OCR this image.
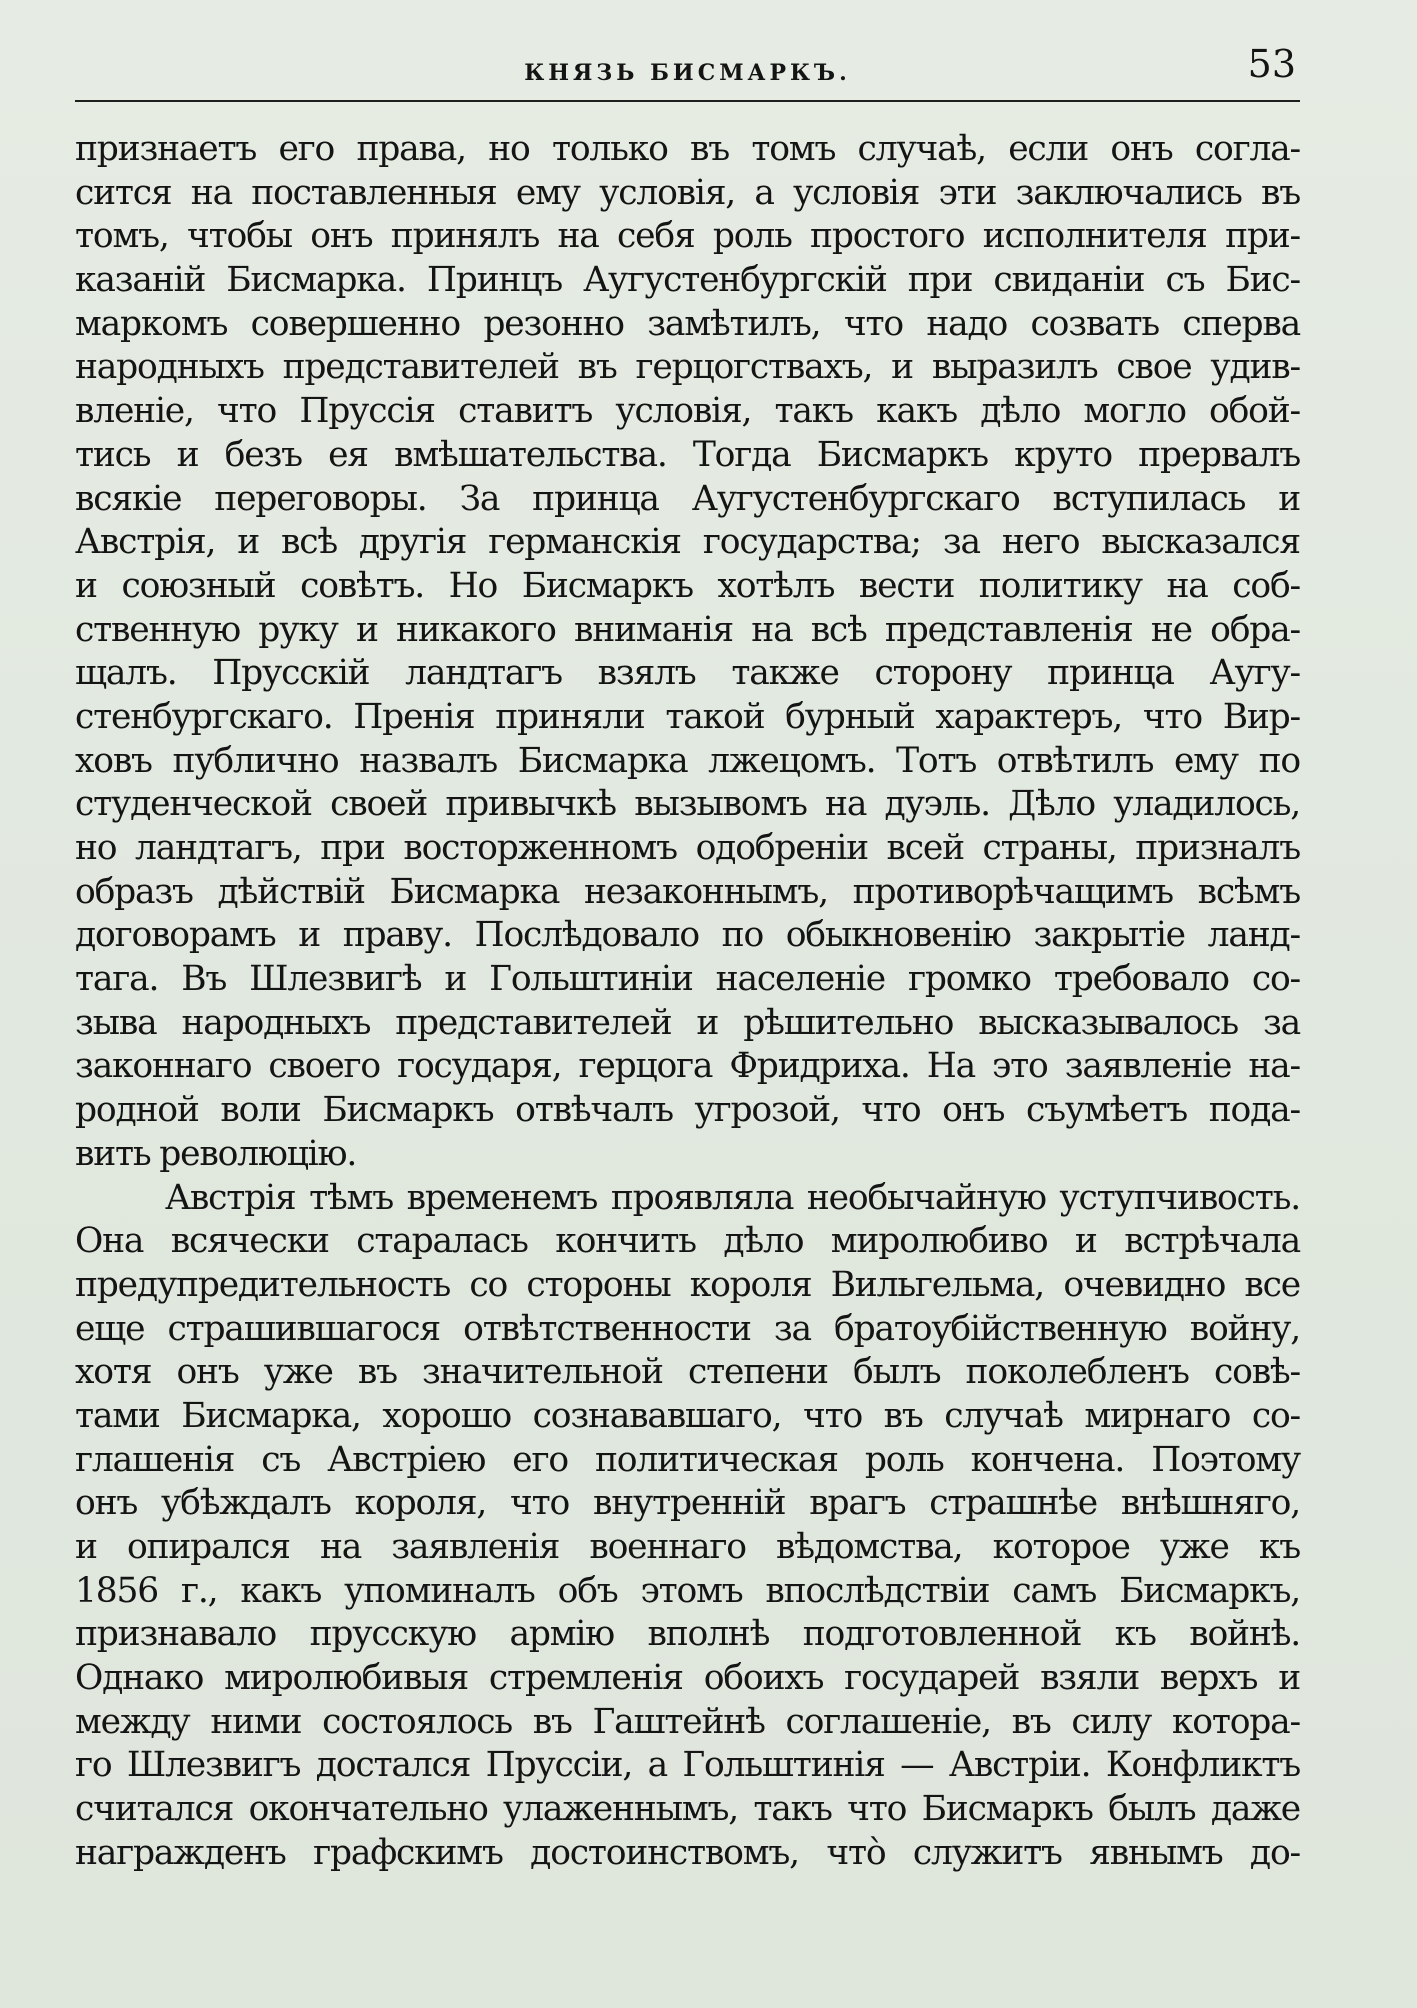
КНЯЗЬ БИСМАРКЪ.	53
признаетъ его права, но только въ томъ случаѣ, если онъ согла-
сится на поставленныя ему условія, а условія эти заключались въ
томъ, чтобы онъ принялъ на себя роль простого исполнителя при-
казаній Бисмарка. Принцъ Аугустенбургскій при свиданіи съ Бис-
маркомъ совершенно резонно замѣтилъ, что надо созвать сперва
народныхъ представителей въ герцогствахъ, и выразилъ свое удив-
вленіе, что Пруссія ставитъ условія, такъ какъ дѣло могло обой-
тись и безъ ея вмѣшательства. Тогда Бисмаркъ круто прервалъ
всякіе переговоры. За принца Аугустенбургскаго вступилась и
Австрія, и всѣ другія германскія государства; за него высказался
и союзный совѣтъ. Но Бисмаркъ хотѣлъ вести политику на соб-
ственную руку и никакого вниманія на всѣ представленія не обра-
щалъ. Прусскій ландтагъ взялъ также сторону принца Аугу-
стенбургскаго. Пренія приняли такой бурный характеръ, что Вир-
ховъ публично назвалъ Бисмарка лжецомъ. Тотъ отвѣтилъ ему по
студенческой своей привычкѣ вызывомъ на дуэль. Дѣло уладилось,
но ландтагъ, при восторженномъ одобреніи всей страны, призналъ
образъ дѣйствій Бисмарка незаконнымъ, противорѣчащимъ всѣмъ
договорамъ и праву. Послѣдовало по обыкновенію закрытіе ланд-
тага. Въ Шлезвигѣ и Гольштиніи населеніе громко требовало со-
зыва народныхъ представителей и рѣшительно высказывалось за
законнаго своего государя, герцога Фридриха. На это заявленіе на-
родной воли Бисмаркъ отвѣчалъ угрозой, что онъ съумѣетъ пода-
вить революцію.
Австрія тѣмъ временемъ проявляла необычайную уступчивость.
Она всячески старалась кончить дѣло миролюбиво и встрѣчала
предупредительность со стороны короля Вильгельма, очевидно все
еще страшившагося отвѣтственности за братоубійственную войну,
хотя онъ уже въ значительной степени былъ поколебленъ совѣ-
тами Бисмарка, хорошо сознававшаго, что въ случаѣ мирнаго со-
глашенія съ Австріею его политическая роль кончена. Поэтому
онъ убѣждалъ короля, что внутренній врагъ страшнѣе внѣшняго,
и опирался на заявленія военнаго вѣдомства, которое уже къ
1856 г., какъ упоминалъ объ этомъ впослѣдствіи самъ Бисмаркъ,
признавало прусскую армію вполнѣ подготовленной къ войнѣ.
Однако миролюбивыя стремленія обоихъ государей взяли верхъ и
между ними состоялось въ Гаштейнѣ соглашеніе, въ силу котора-
го Шлезвигъ достался Пруссіи, а Гольштинія — Австріи. Конфликтъ
считался окончательно улаженнымъ, такъ что Бисмаркъ былъ даже
награжденъ графскимъ достоинствомъ, что̀ служитъ явнымъ до-
